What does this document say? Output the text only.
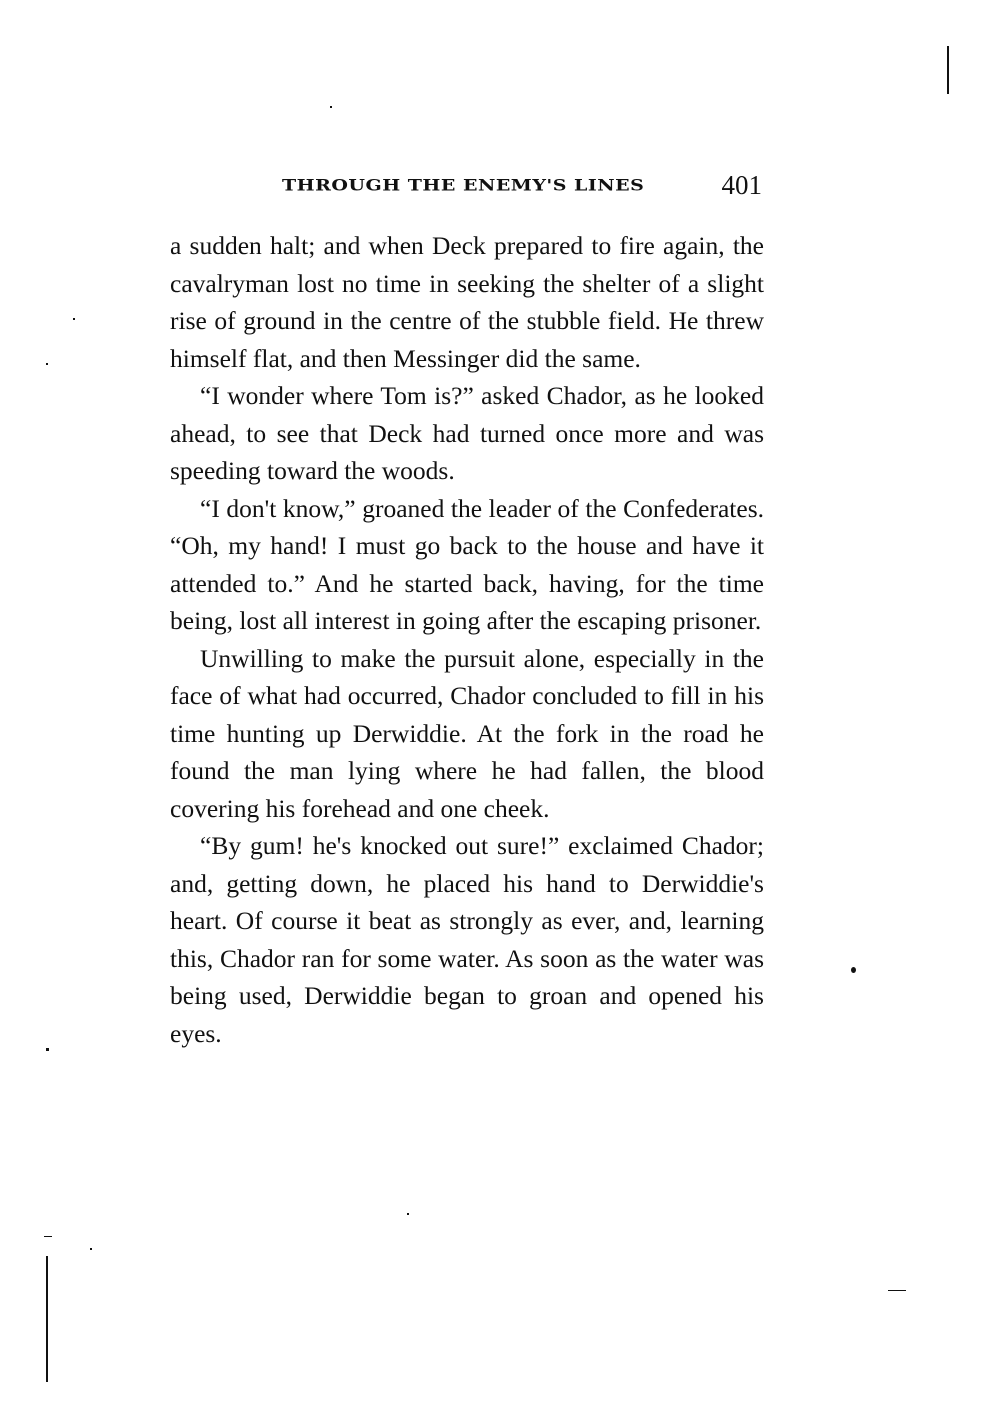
THROUGH THE ENEMY'S LINES	401

a sudden halt; and when Deck prepared to fire again, the cavalryman lost no time in seeking the shelter of a slight rise of ground in the centre of the stubble field. He threw himself flat, and then Messinger did the same.

“I wonder where Tom is?” asked Chador, as he looked ahead, to see that Deck had turned once more and was speeding toward the woods.

“I don't know,” groaned the leader of the Confederates. “Oh, my hand! I must go back to the house and have it attended to.” And he started back, having, for the time being, lost all interest in going after the escaping prisoner.

Unwilling to make the pursuit alone, especially in the face of what had occurred, Chador concluded to fill in his time hunting up Derwiddie. At the fork in the road he found the man lying where he had fallen, the blood covering his forehead and one cheek.

“By gum! he's knocked out sure!” exclaimed Chador; and, getting down, he placed his hand to Derwiddie's heart. Of course it beat as strongly as ever, and, learning this, Chador ran for some water. As soon as the water was being used, Derwiddie began to groan and opened his eyes.
